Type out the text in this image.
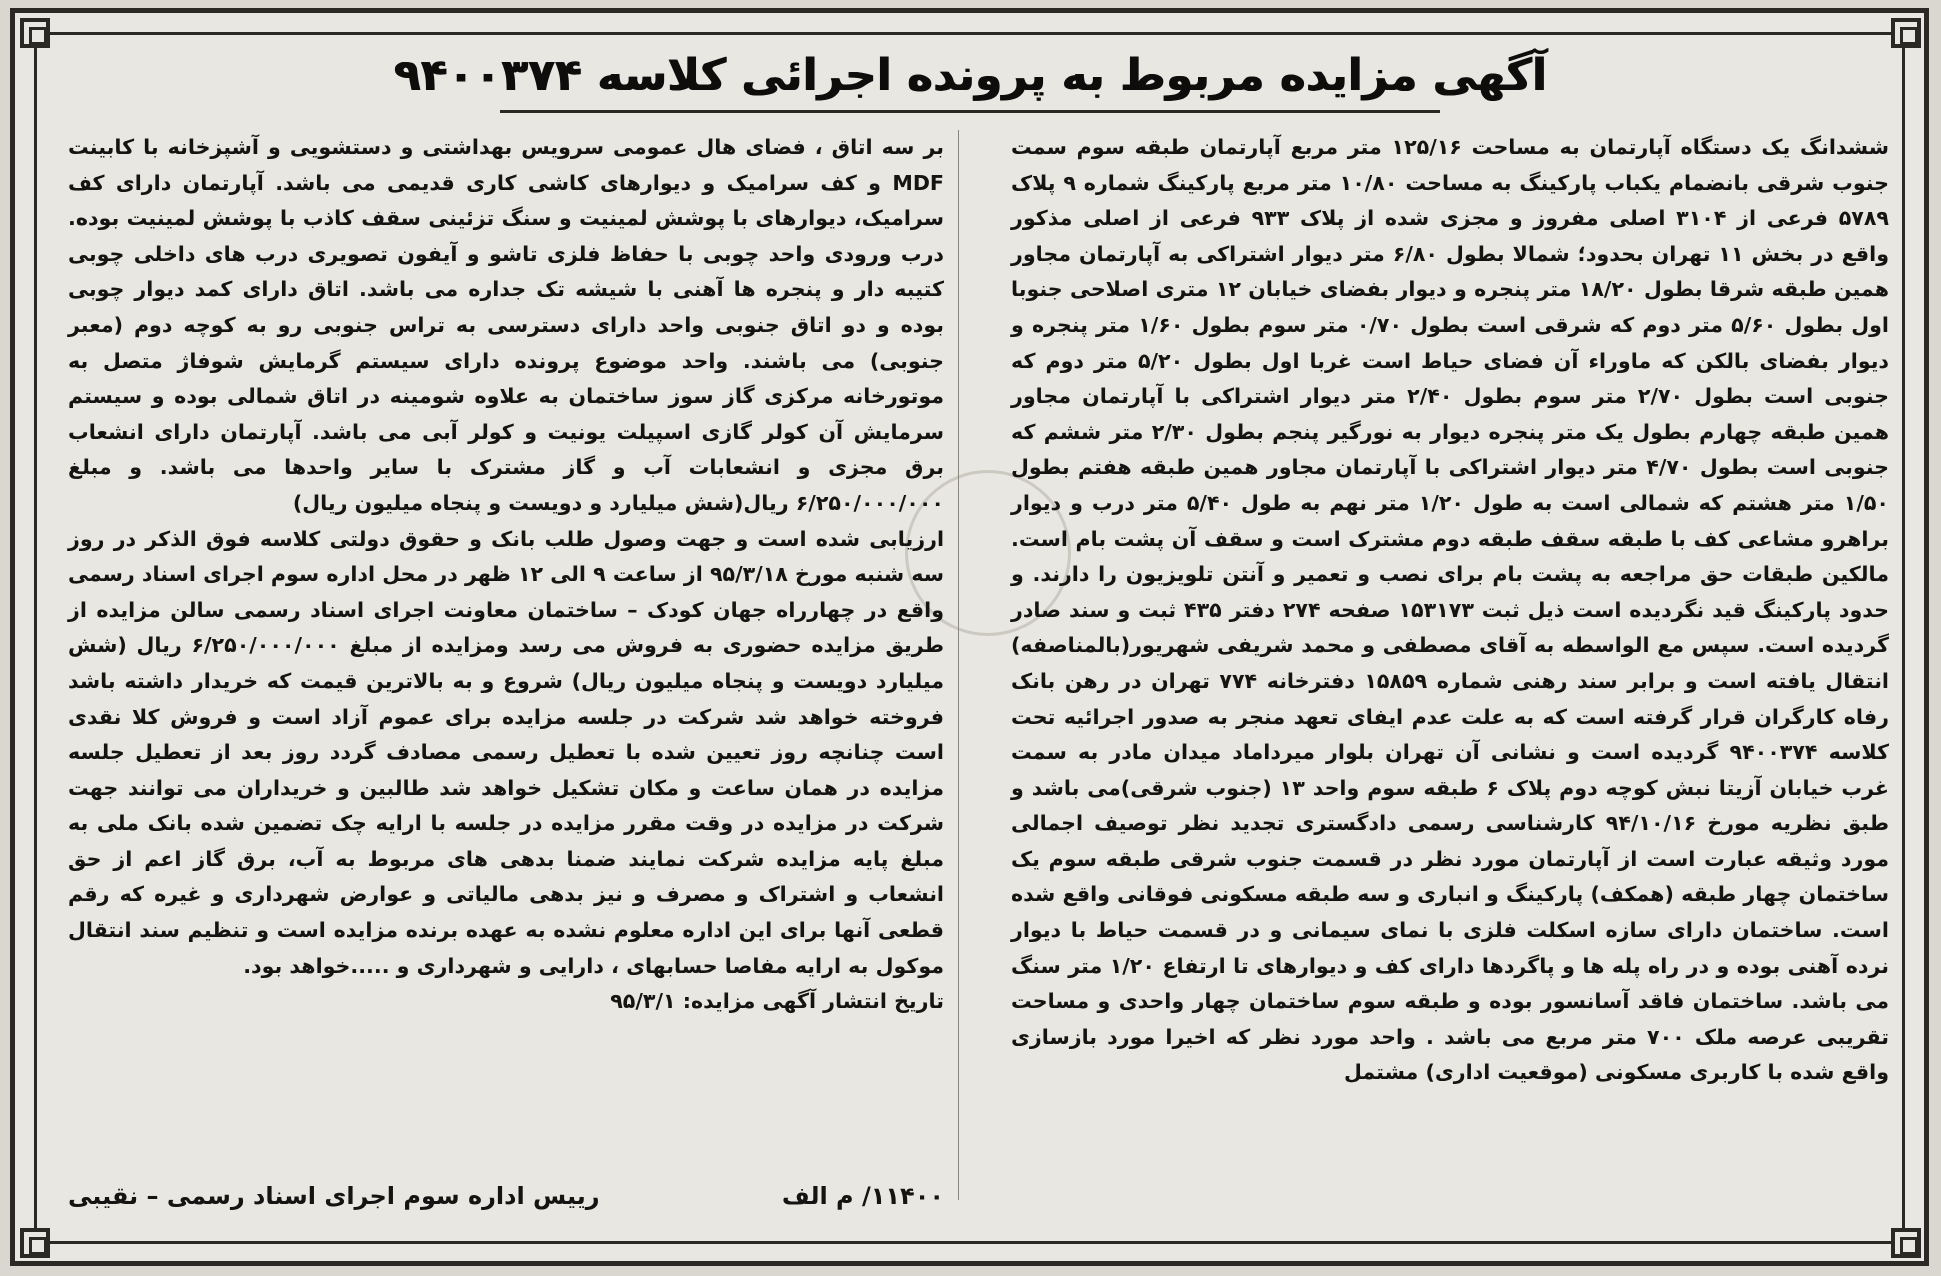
آگهی مزایده مربوط به پرونده اجرائی کلاسه ۹۴۰۰۳۷۴

ششدانگ یک دستگاه آپارتمان به مساحت ۱۲۵/۱۶ متر مربع آپارتمان طبقه سوم سمت جنوب شرقی بانضمام یکباب پارکینگ به مساحت ۱۰/۸۰ متر مربع پارکینگ شماره ۹ پلاک ۵۷۸۹ فرعی از ۳۱۰۴ اصلی مفروز و مجزی شده از پلاک ۹۳۳ فرعی از اصلی مذکور واقع در بخش ۱۱ تهران بحدود؛ شمالا بطول ۶/۸۰ متر دیوار اشتراکی به آپارتمان مجاور همین طبقه شرقا بطول ۱۸/۲۰ متر پنجره و دیوار بفضای خیابان ۱۲ متری اصلاحی جنوبا اول بطول ۵/۶۰ متر دوم که شرقی است بطول ۰/۷۰ متر سوم بطول ۱/۶۰ متر پنجره و دیوار بفضای بالکن که ماوراء آن فضای حیاط است غربا اول بطول ۵/۲۰ متر دوم که جنوبی است بطول ۲/۷۰ متر سوم بطول ۲/۴۰ متر دیوار اشتراکی با آپارتمان مجاور همین طبقه چهارم بطول یک متر پنجره دیوار به نورگیر پنجم بطول ۲/۳۰ متر ششم که جنوبی است بطول ۴/۷۰ متر دیوار اشتراکی با آپارتمان مجاور همین طبقه هفتم بطول ۱/۵۰ متر هشتم که شمالی است به طول ۱/۲۰ متر نهم به طول ۵/۴۰ متر درب و دیوار براهرو مشاعی کف با طبقه سقف طبقه دوم مشترک است و سقف آن پشت بام است. مالکین طبقات حق مراجعه به پشت بام برای نصب و تعمیر و آنتن تلویزیون را دارند. و حدود پارکینگ قید نگردیده است ذیل ثبت ۱۵۳۱۷۳ صفحه ۲۷۴ دفتر ۴۳۵ ثبت و سند صادر گردیده است. سپس مع الواسطه به آقای مصطفی و محمد شریفی شهریور(بالمناصفه) انتقال یافته است و برابر سند رهنی شماره ۱۵۸۵۹ دفترخانه ۷۷۴ تهران در رهن بانک رفاه کارگران قرار گرفته است که به علت عدم ایفای تعهد منجر به صدور اجرائیه تحت کلاسه ۹۴۰۰۳۷۴ گردیده است و نشانی آن تهران بلوار میرداماد میدان مادر به سمت غرب خیابان آزیتا نبش کوچه دوم پلاک ۶ طبقه سوم واحد ۱۳ (جنوب شرقی)می باشد و طبق نظریه مورخ ۹۴/۱۰/۱۶ کارشناسی رسمی دادگستری تجدید نظر توصیف اجمالی مورد وثیقه عبارت است از آپارتمان مورد نظر در قسمت جنوب شرقی طبقه سوم یک ساختمان چهار طبقه (همکف) پارکینگ و انباری و سه طبقه مسکونی فوقانی واقع شده است. ساختمان دارای سازه اسکلت فلزی با نمای سیمانی و در قسمت حیاط با دیوار نرده آهنی بوده و در راه پله ها و پاگردها دارای کف و دیوارهای تا ارتفاع ۱/۲۰ متر سنگ می باشد. ساختمان فاقد آسانسور بوده و طبقه سوم ساختمان چهار واحدی و مساحت تقریبی عرصه ملک ۷۰۰ متر مربع می باشد . واحد مورد نظر که اخیرا مورد بازسازی واقع شده با کاربری مسکونی (موقعیت اداری) مشتمل

بر سه اتاق ، فضای هال عمومی سرویس بهداشتی و دستشویی و آشپزخانه با کابینت MDF و کف سرامیک و دیوارهای کاشی کاری قدیمی می باشد. آپارتمان دارای کف سرامیک، دیوارهای با پوشش لمینیت و سنگ تزئینی سقف کاذب با پوشش لمینیت بوده. درب ورودی واحد چوبی با حفاظ فلزی تاشو و آیفون تصویری درب های داخلی چوبی کتیبه دار و پنجره ها آهنی با شیشه تک جداره می باشد. اتاق دارای کمد دیوار چوبی بوده و دو اتاق جنوبی واحد دارای دسترسی به تراس جنوبی رو به کوچه دوم (معبر جنوبی) می باشند. واحد موضوع پرونده دارای سیستم گرمایش شوفاژ متصل به موتورخانه مرکزی گاز سوز ساختمان به علاوه شومینه در اتاق شمالی بوده و سیستم سرمایش آن کولر گازی اسپیلت یونیت و کولر آبی می باشد. آپارتمان دارای انشعاب برق مجزی و انشعابات آب و گاز مشترک با سایر واحدها می باشد. و مبلغ ۶/۲۵۰/۰۰۰/۰۰۰ ریال(شش میلیارد و دویست و پنجاه میلیون ریال)

ارزیابی شده است و جهت وصول طلب بانک و حقوق دولتی کلاسه فوق الذکر در روز سه شنبه مورخ ۹۵/۳/۱۸ از ساعت ۹ الی ۱۲ ظهر در محل اداره سوم اجرای اسناد رسمی واقع در چهارراه جهان کودک – ساختمان معاونت اجرای اسناد رسمی سالن مزایده از طریق مزایده حضوری به فروش می رسد ومزایده از مبلغ ۶/۲۵۰/۰۰۰/۰۰۰ ریال (شش میلیارد دویست و پنجاه میلیون ریال) شروع و به بالاترین قیمت که خریدار داشته باشد فروخته خواهد شد شرکت در جلسه مزایده برای عموم آزاد است و فروش کلا نقدی است چنانچه روز تعیین شده با تعطیل رسمی مصادف گردد روز بعد از تعطیل جلسه مزایده در همان ساعت و مکان تشکیل خواهد شد طالبین و خریداران می توانند جهت شرکت در مزایده در وقت مقرر مزایده در جلسه با ارایه چک تضمین شده بانک ملی به مبلغ پایه مزایده شرکت نمایند ضمنا بدهی های مربوط به آب، برق گاز اعم از حق انشعاب و اشتراک و مصرف و نیز بدهی مالیاتی و عوارض شهرداری و غیره که رقم قطعی آنها برای این اداره معلوم نشده به عهده برنده مزایده است و تنظیم سند انتقال موکول به ارایه مفاصا حسابهای ، دارایی و شهرداری و .....خواهد بود.

تاریخ انتشار آگهی مزایده: ۹۵/۳/۱

۱۱۴۰۰/ م الف
رییس اداره سوم اجرای اسناد رسمی – نقیبی
